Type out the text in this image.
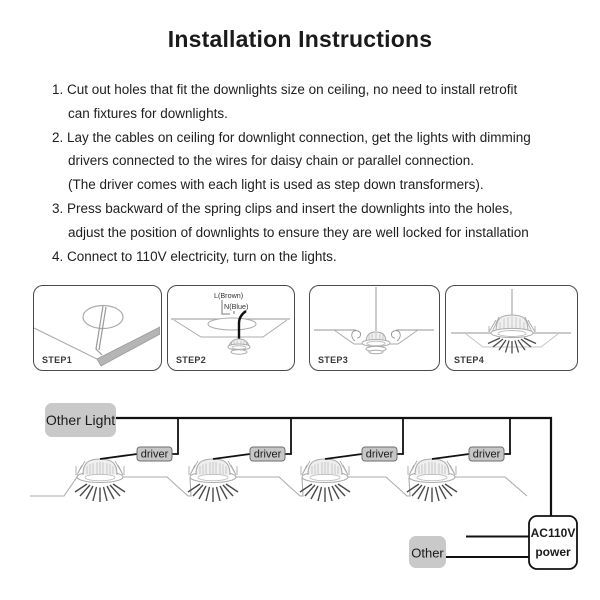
Installation Instructions
1. Cut out holes that fit the downlights size on ceiling, no need to install retrofit
can fixtures for downlights.
2. Lay the cables on ceiling for downlight connection, get the lights with dimming
drivers connected to the wires for daisy chain or parallel connection.
(The driver comes with each light is used as step down transformers).
3. Press backward of the spring clips and insert the downlights into the holes,
adjust the position of downlights to ensure they are well locked for installation
4. Connect to 110V electricity, turn on the lights.
STEP1
L(Brown)
N(Blue)
STEP2	STEP3	STEP4
driver	driver	driver	driver
Other Light
Other
AC110V
power
